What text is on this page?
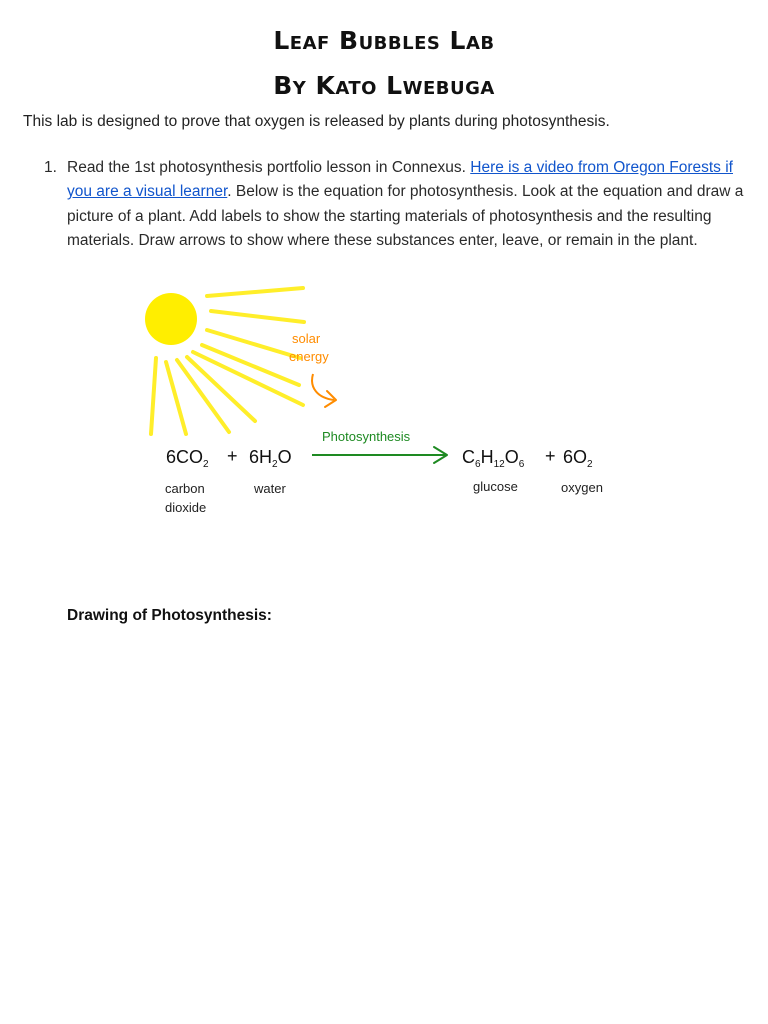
Leaf Bubbles Lab
By Kato Lwebuga
This lab is designed to prove that oxygen is released by plants during photosynthesis.
1. Read the 1st photosynthesis portfolio lesson in Connexus. Here is a video from Oregon Forests if you are a visual learner. Below is the equation for photosynthesis. Look at the equation and draw a picture of a plant. Add labels to show the starting materials of photosynthesis and the resulting materials. Draw arrows to show where these substances enter, leave, or remain in the plant.
solar
energy
Photosynthesis
$6CO_2 + 6H_2O$	$C_6H_{12}O_6 + 6O_2$
carbon
dioxide
water	glucose	oxygen
Drawing of Photosynthesis:
